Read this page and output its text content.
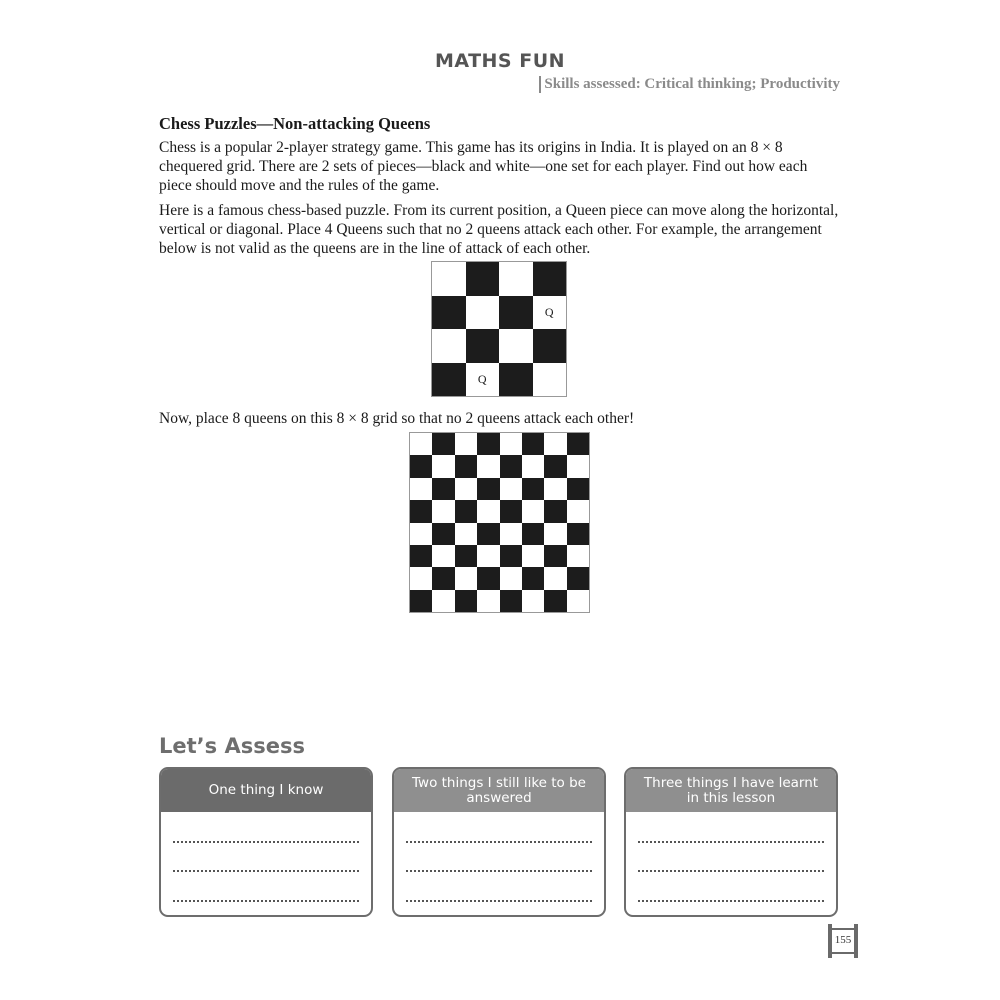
MATHS FUN
Skills assessed: Critical thinking; Productivity
Chess Puzzles—Non-attacking Queens

Chess is a popular 2-player strategy game. This game has its origins in India. It is played on an 8 × 8 chequered grid. There are 2 sets of pieces—black and white—one set for each player. Find out how each piece should move and the rules of the game.

Here is a famous chess-based puzzle. From its current position, a Queen piece can move along the horizontal, vertical or diagonal. Place 4 Queens such that no 2 queens attack each other. For example, the arrangement below is not valid as the queens are in the line of attack of each other.

Q
Q

Now, place 8 queens on this 8 × 8 grid so that no 2 queens attack each other!

Let’s Assess
One thing I know	Two things I still like to be answered
Three things I have learnt in this lesson
155
